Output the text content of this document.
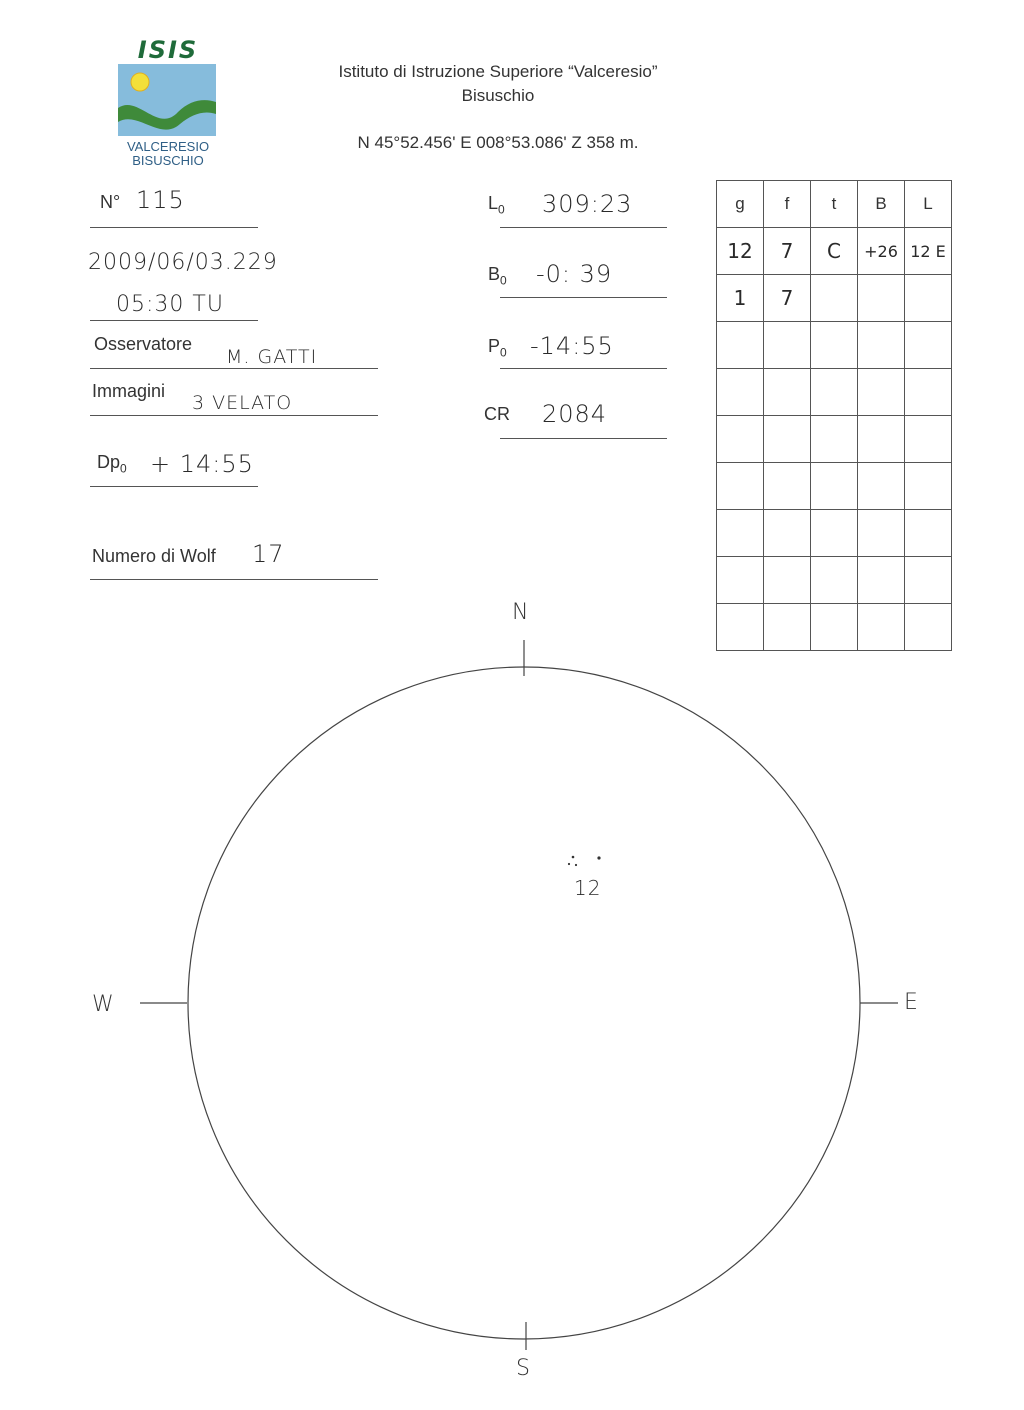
ISIS
VALCERESIO
BISUSCHIO
Istituto di Istruzione Superiore “Valceresio”
Bisuschio
N 45°52.456' E 008°53.086' Z 358 m.
N° 115
2009/06/03.229
05:30 TU
Osservatore
M. GATTI
Immagini
3 VELATO
$Dp_0$ + 14:55
Numero di Wolf 17
$L_0$ 309:23
$B_0$ -0: 39
$P_0$ -14:55
CR 2084
g	f	t	B	L
12	7	C	+26	12 E
1	7			

N
S
W	E
12
